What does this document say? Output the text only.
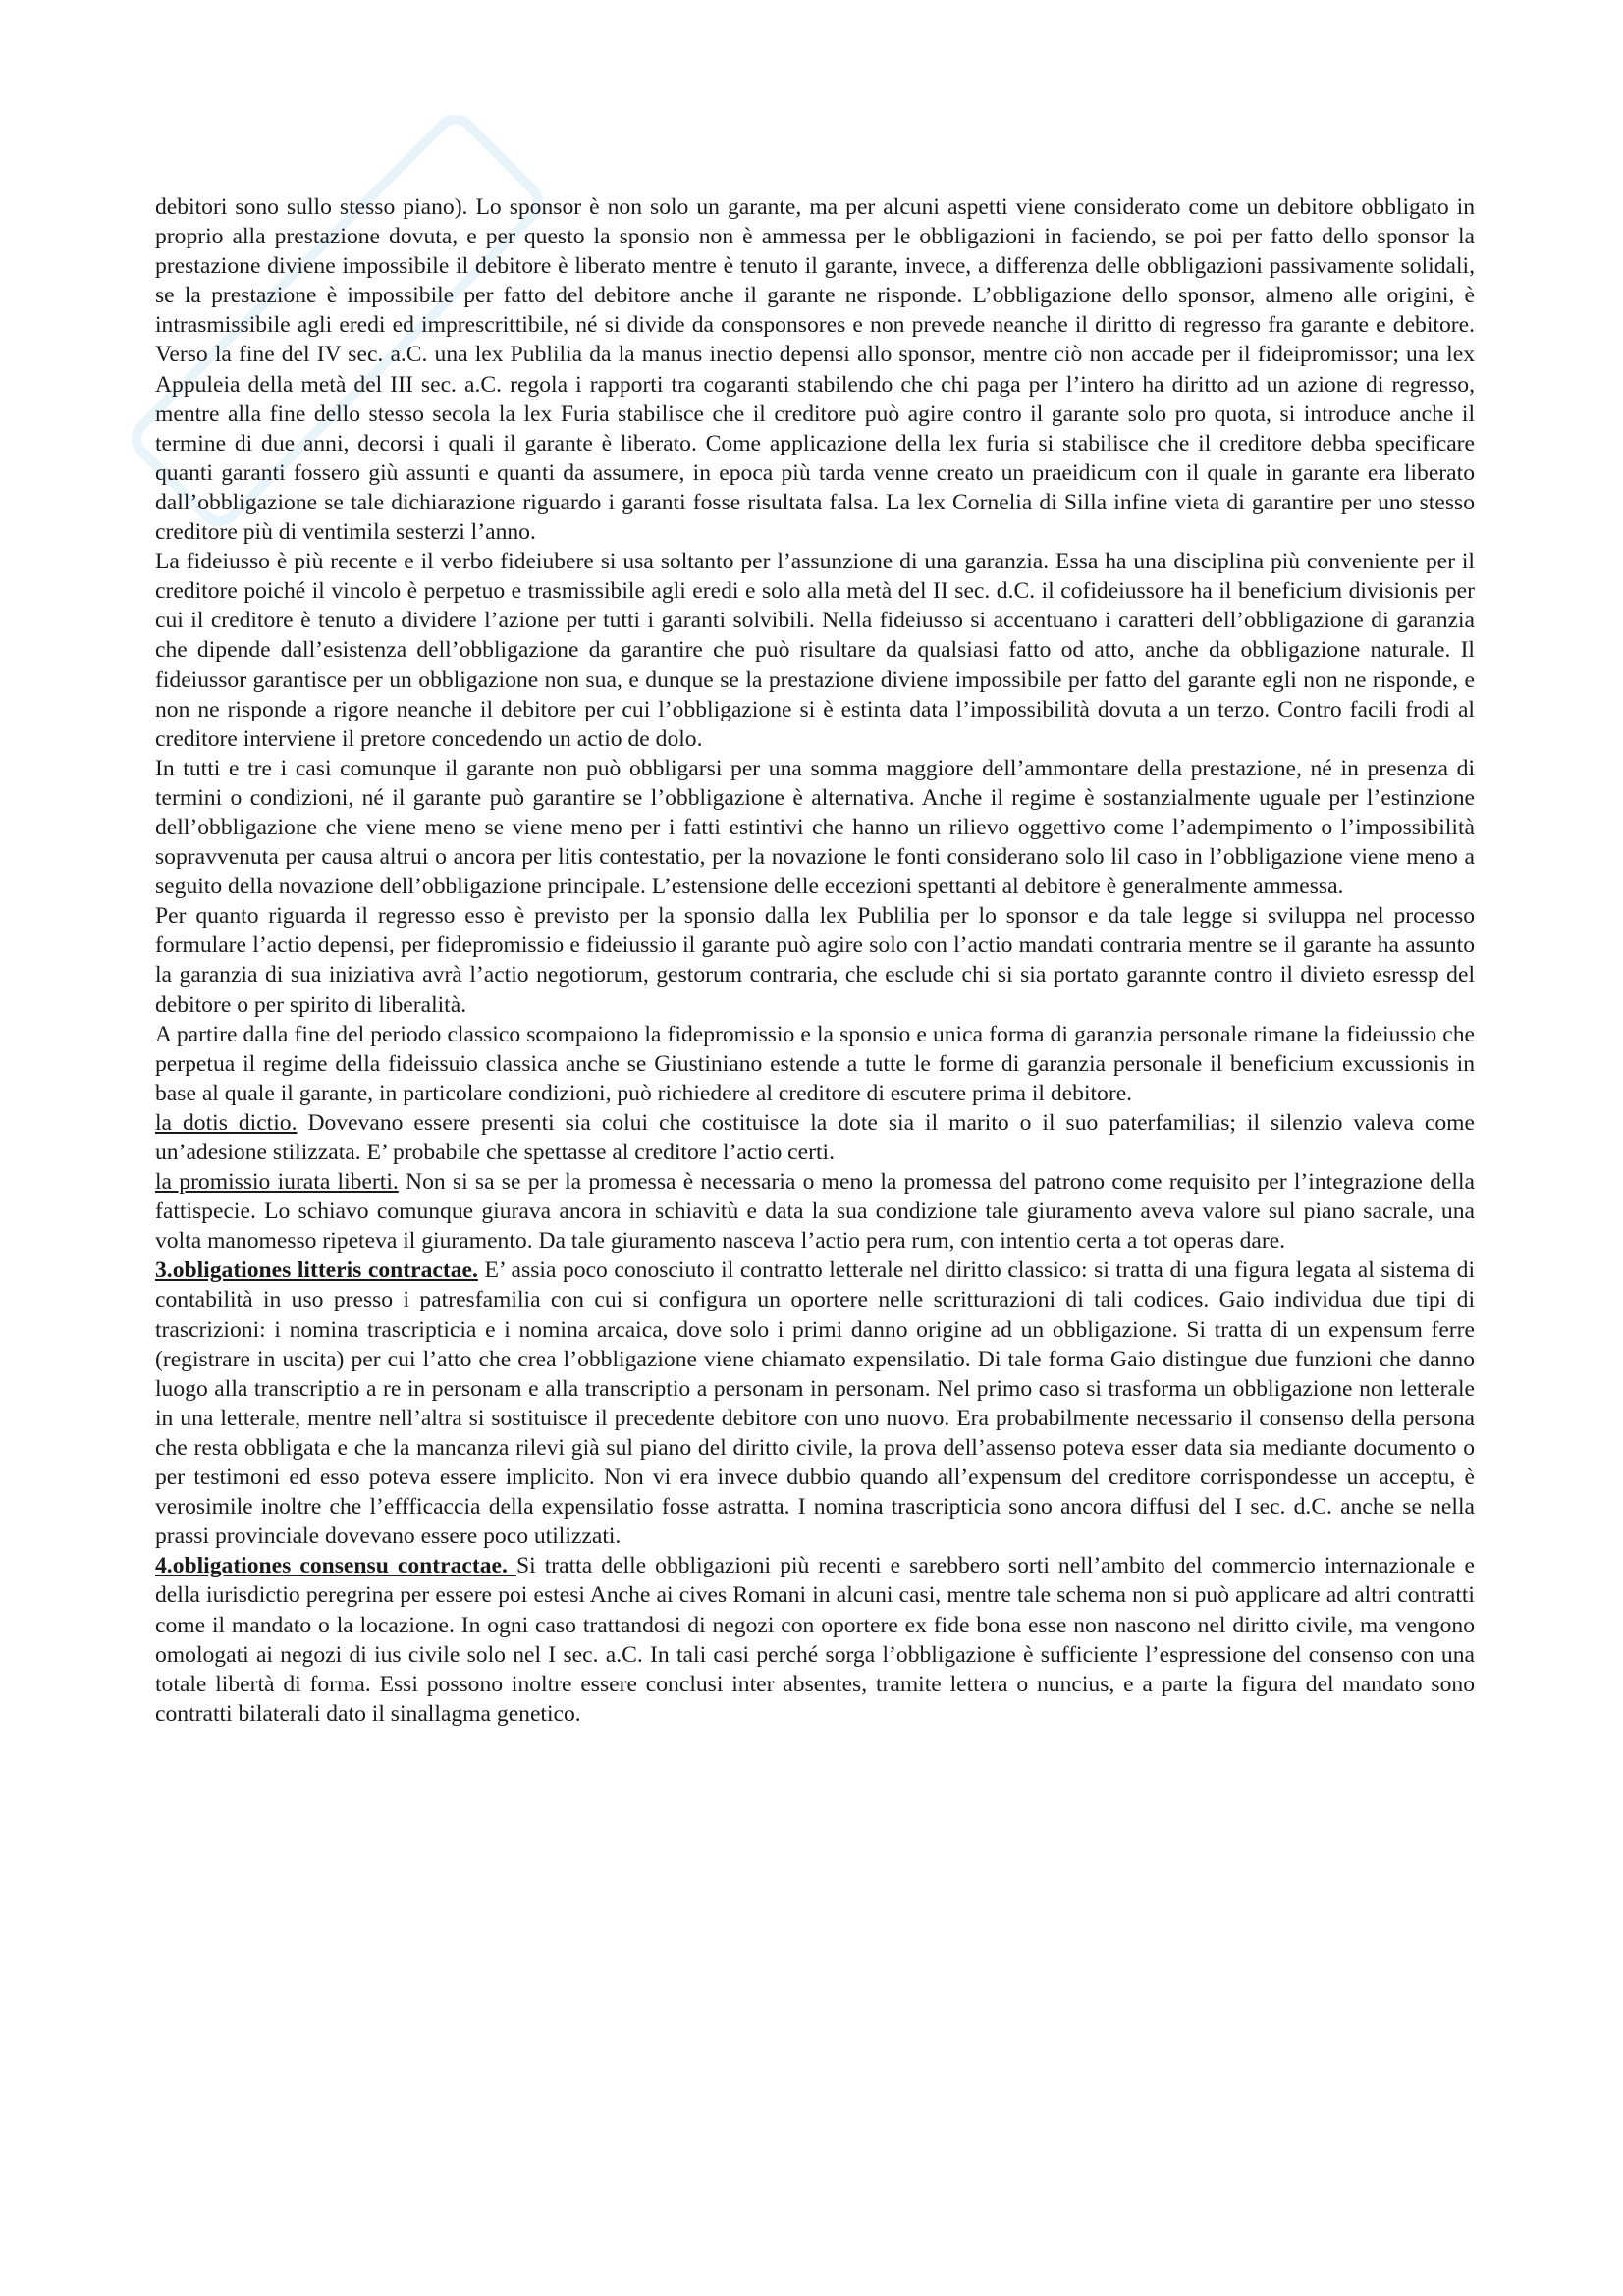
debitori sono sullo stesso piano). Lo sponsor è non solo un garante, ma per alcuni aspetti viene considerato come un debitore obbligato in proprio alla prestazione dovuta, e per questo la sponsio non è ammessa per le obbligazioni in faciendo, se poi per fatto dello sponsor la prestazione diviene impossibile il debitore è liberato mentre è tenuto il garante, invece, a differenza delle obbligazioni passivamente solidali, se la prestazione è impossibile per fatto del debitore anche il garante ne risponde. L’obbligazione dello sponsor, almeno alle origini, è intrasmissibile agli eredi ed imprescrittibile, né si divide da consponsores e non prevede neanche il diritto di regresso fra garante e debitore. Verso la fine del IV sec. a.C. una lex Publilia da la manus inectio depensi allo sponsor, mentre ciò non accade per il fideipromissor; una lex Appuleia della metà del III sec. a.C. regola i rapporti tra cogaranti stabilendo che chi paga per l’intero ha diritto ad un azione di regresso, mentre alla fine dello stesso secola la lex Furia stabilisce che il creditore può agire contro il garante solo pro quota, si introduce anche il termine di due anni, decorsi i quali il garante è liberato. Come applicazione della lex furia si stabilisce che il creditore debba specificare quanti garanti fossero giù assunti e quanti da assumere, in epoca più tarda venne creato un praeidicum con il quale in garante era liberato dall’obbligazione se tale dichiarazione riguardo i garanti fosse risultata falsa. La lex Cornelia di Silla infine vieta di garantire per uno stesso creditore più di ventimila sesterzi l’anno.

La fideiusso è più recente e il verbo fideiubere si usa soltanto per l’assunzione di una garanzia. Essa ha una disciplina più conveniente per il creditore poiché il vincolo è perpetuo e trasmissibile agli eredi e solo alla metà del II sec. d.C. il cofideiussore ha il beneficium divisionis per cui il creditore è tenuto a dividere l’azione per tutti i garanti solvibili. Nella fideiusso si accentuano i caratteri dell’obbligazione di garanzia che dipende dall’esistenza dell’obbligazione da garantire che può risultare da qualsiasi fatto od atto, anche da obbligazione naturale. Il fideiussor garantisce per un obbligazione non sua, e dunque se la prestazione diviene impossibile per fatto del garante egli non ne risponde, e non ne risponde a rigore neanche il debitore per cui l’obbligazione si è estinta data l’impossibilità dovuta a un terzo. Contro facili frodi al creditore interviene il pretore concedendo un actio de dolo.

In tutti e tre i casi comunque il garante non può obbligarsi per una somma maggiore dell’ammontare della prestazione, né in presenza di termini o condizioni, né il garante può garantire se l’obbligazione è alternativa. Anche il regime è sostanzialmente uguale per l’estinzione dell’obbligazione che viene meno se viene meno per i fatti estintivi che hanno un rilievo oggettivo come l’adempimento o l’impossibilità sopravvenuta per causa altrui o ancora per litis contestatio, per la novazione le fonti considerano solo lil caso in l’obbligazione viene meno a seguito della novazione dell’obbligazione principale. L’estensione delle eccezioni spettanti al debitore è generalmente ammessa.

Per quanto riguarda il regresso esso è previsto per la sponsio dalla lex Publilia per lo sponsor e da tale legge si sviluppa nel processo formulare l’actio depensi, per fidepromissio e fideiussio il garante può agire solo con l’actio mandati contraria mentre se il garante ha assunto la garanzia di sua iniziativa avrà l’actio negotiorum, gestorum contraria, che esclude chi si sia portato garannte contro il divieto esressp del debitore o per spirito di liberalità.

A partire dalla fine del periodo classico scompaiono la fidepromissio e la sponsio e unica forma di garanzia personale rimane la fideiussio che perpetua il regime della fideissuio classica anche se Giustiniano estende a tutte le forme di garanzia personale il beneficium excussionis in base al quale il garante, in particolare condizioni, può richiedere al creditore di escutere prima il debitore.

la dotis dictio. Dovevano essere presenti sia colui che costituisce la dote sia il marito o il suo paterfamilias; il silenzio valeva come un’adesione stilizzata. E’ probabile che spettasse al creditore l’actio certi.

la promissio iurata liberti. Non si sa se per la promessa è necessaria o meno la promessa del patrono come requisito per l’integrazione della fattispecie. Lo schiavo comunque giurava ancora in schiavitù e data la sua condizione tale giuramento aveva valore sul piano sacrale, una volta manomesso ripeteva il giuramento. Da tale giuramento nasceva l’actio pera rum, con intentio certa a tot operas dare.

3.obligationes litteris contractae. E’ assia poco conosciuto il contratto letterale nel diritto classico: si tratta di una figura legata al sistema di contabilità in uso presso i patresfamilia con cui si configura un oportere nelle scritturazioni di tali codices. Gaio individua due tipi di trascrizioni: i nomina trascripticia e i nomina arcaica, dove solo i primi danno origine ad un obbligazione. Si tratta di un expensum ferre (registrare in uscita) per cui l’atto che crea l’obbligazione viene chiamato expensilatio. Di tale forma Gaio distingue due funzioni che danno luogo alla transcriptio a re in personam e alla transcriptio a personam in personam. Nel primo caso si trasforma un obbligazione non letterale in una letterale, mentre nell’altra si sostituisce il precedente debitore con uno nuovo. Era probabilmente necessario il consenso della persona che resta obbligata e che la mancanza rilevi già sul piano del diritto civile, la prova dell’assenso poteva esser data sia mediante documento o per testimoni ed esso poteva essere implicito. Non vi era invece dubbio quando all’expensum del creditore corrispondesse un acceptu, è verosimile inoltre che l’effficaccia della expensilatio fosse astratta. I nomina trascripticia sono ancora diffusi del I sec. d.C. anche se nella prassi provinciale dovevano essere poco utilizzati.

4.obligationes consensu contractae. Si tratta delle obbligazioni più recenti e sarebbero sorti nell’ambito del commercio internazionale e della iurisdictio peregrina per essere poi estesi Anche ai cives Romani in alcuni casi, mentre tale schema non si può applicare ad altri contratti come il mandato o la locazione. In ogni caso trattandosi di negozi con oportere ex fide bona esse non nascono nel diritto civile, ma vengono omologati ai negozi di ius civile solo nel I sec. a.C. In tali casi perché sorga l’obbligazione è sufficiente l’espressione del consenso con una totale libertà di forma. Essi possono inoltre essere conclusi inter absentes, tramite lettera o nuncius, e a parte la figura del mandato sono contratti bilaterali dato il sinallagma genetico.
